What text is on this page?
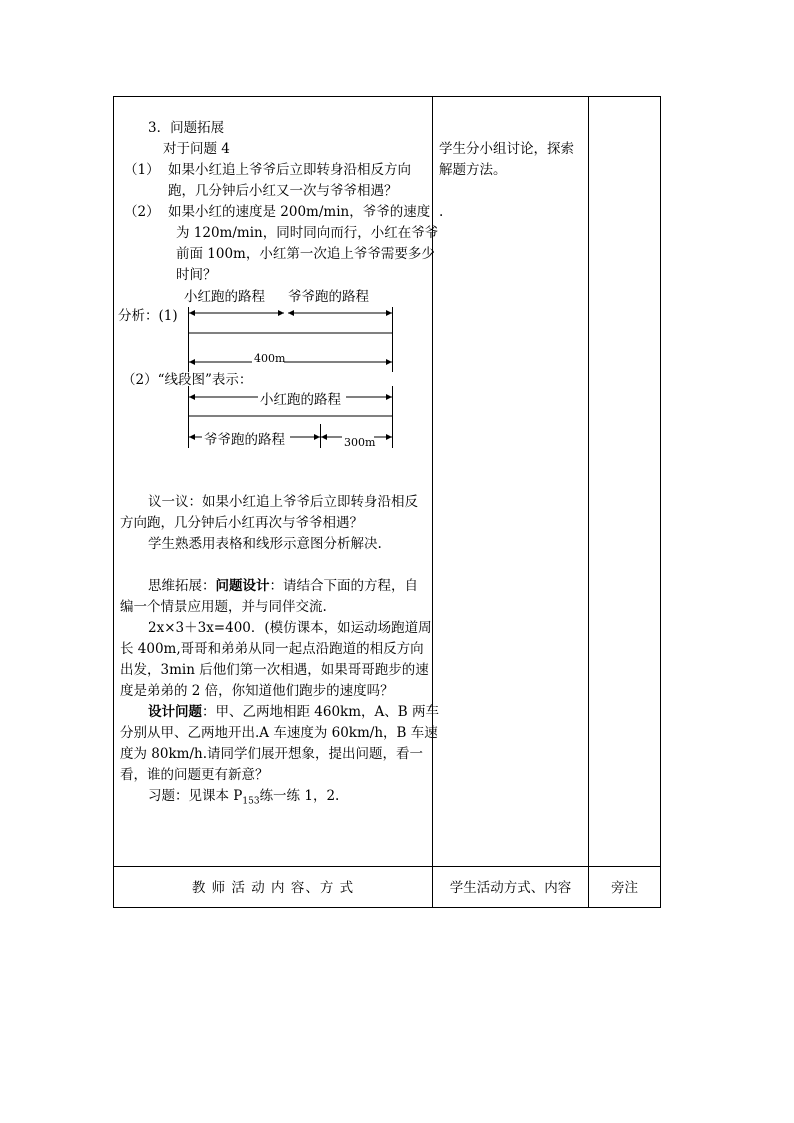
3．问题拓展
对于问题 4
（1） 如果小红追上爷爷后立即转身沿相反方向
跑，几分钟后小红又一次与爷爷相遇？
（2） 如果小红的速度是 200m/min，爷爷的速度
为 120m/min，同时同向而行，小红在爷爷
前面 100m，小红第一次追上爷爷需要多少
时间？
小红跑的路程 爷爷跑的路程
分析：(1)
400m
（2）“线段图”表示：
小红跑的路程
爷爷跑的路程	300m
议一议：如果小红追上爷爷后立即转身沿相反
方向跑，几分钟后小红再次与爷爷相遇？
学生熟悉用表格和线形示意图分析解决.
思维拓展：问题设计：请结合下面的方程，自
编一个情景应用题，并与同伴交流.
2x×3＋3x=400．(模仿课本，如运动场跑道周
长 400m,哥哥和弟弟从同一起点沿跑道的相反方向
出发，3min 后他们第一次相遇，如果哥哥跑步的速
度是弟弟的 2 倍，你知道他们跑步的速度吗？
设计问题：甲、乙两地相距 460km，A、B 两车
分别从甲、乙两地开出.A 车速度为 60km/h，B 车速
度为 80km/h.请同学们展开想象，提出问题，看一
看，谁的问题更有新意？
习题：见课本 $P_{153}$练一练 1，2.
学生分小组讨论，探索
解题方法。
.
教 师 活 动 内 容、方 式	学生活动方式、内容	旁注
